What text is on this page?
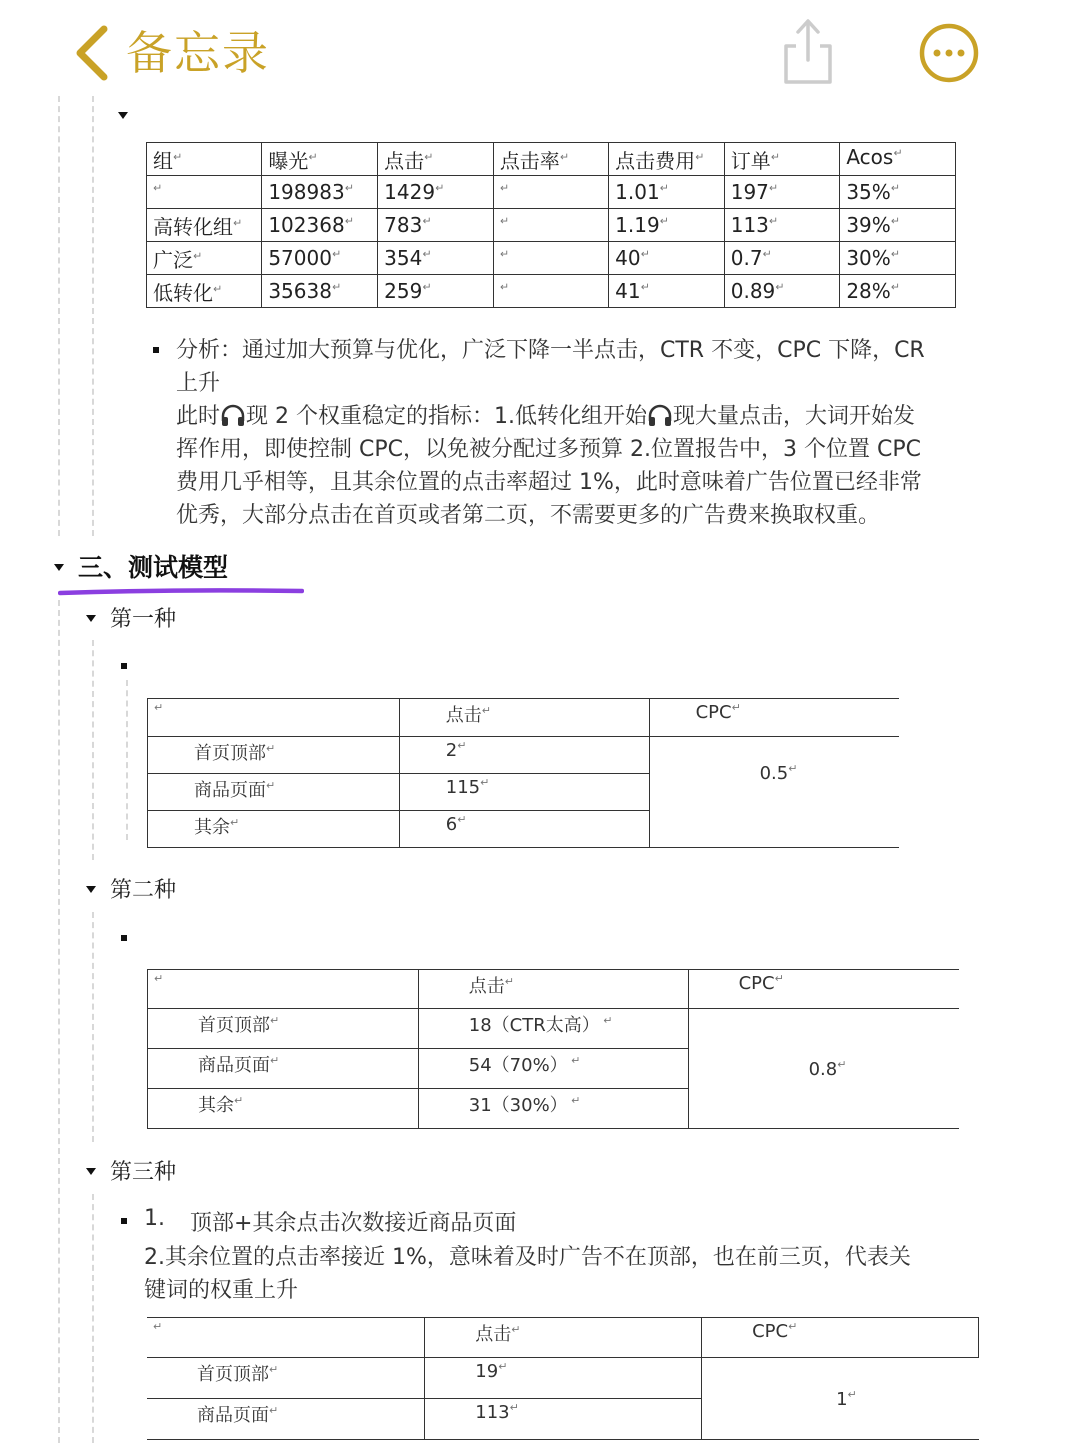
备忘录
组↵	曝光↵	点击↵	点击率↵	点击费用↵	订单↵	Acos↵
↵	198983↵	1429↵	↵	1.01↵	197↵	35%↵
高转化组↵	102368↵	783↵	↵	1.19↵	113↵	39%↵
广泛↵	57000↵	354↵	↵	40↵	0.7↵	30%↵
低转化↵	35638↵	259↵	↵	41↵	0.89↵	28%↵
分析：通过加大预算与优化，广泛下降一半点击，CTR 不变，CPC 下降，CR
上升
此时 现 2 个权重稳定的指标：1.低转化组开始 现大量点击，大词开始发
挥作用，即使控制 CPC，以免被分配过多预算 2.位置报告中，3 个位置 CPC
费用几乎相等，且其余位置的点击率超过 1%，此时意味着广告位置已经非常
优秀，大部分点击在首页或者第二页，不需要更多的广告费来换取权重。
三、测试模型
第一种
↵	点击↵	CPC↵
首页顶部↵	2↵	0.5↵
商品页面↵	115↵
其余↵	6↵
第二种
↵	点击↵	CPC↵
首页顶部↵	18（CTR太高） ↵	0.8↵
商品页面↵	54（70%） ↵
其余↵	31（30%） ↵
第三种
1. 顶部+其余点击次数接近商品页面
2.其余位置的点击率接近 1%，意味着及时广告不在顶部，也在前三页，代表关
键词的权重上升
↵	点击↵	CPC↵
首页顶部↵	19↵	1↵
商品页面↵	113↵
